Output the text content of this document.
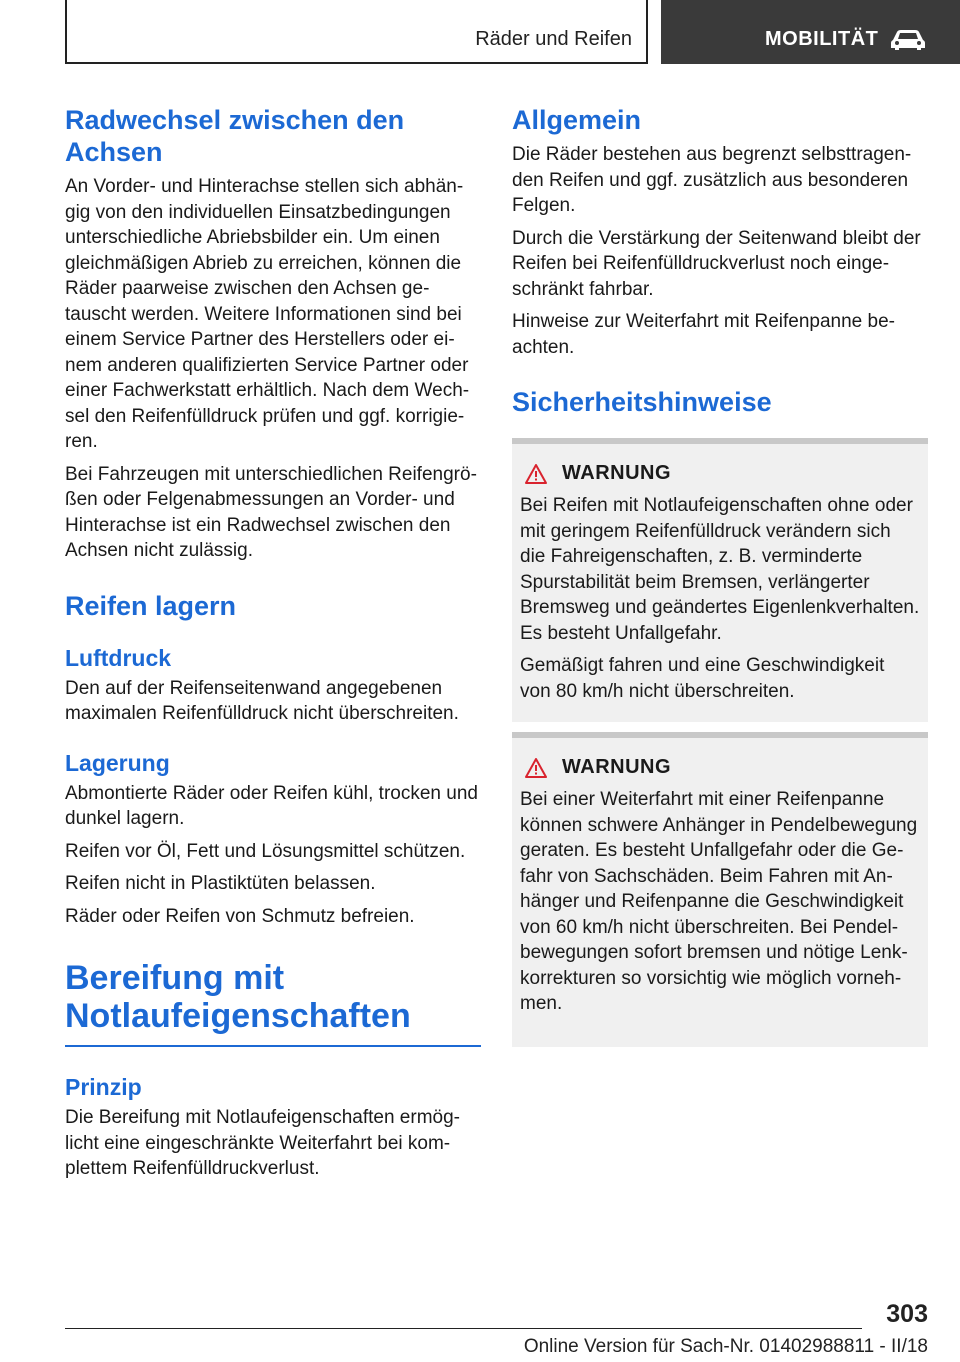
Räder und Reifen	MOBILITÄT
Radwechsel zwischen den Achsen

An Vorder- und Hinterachse stellen sich abhängig von den individuellen Einsatzbedingungen unterschiedliche Abriebsbilder ein. Um einen gleichmäßigen Abrieb zu erreichen, können die Räder paarweise zwischen den Achsen getauscht werden. Weitere Informationen sind bei einem Service Partner des Herstellers oder einem anderen qualifizierten Service Partner oder einer Fachwerkstatt erhältlich. Nach dem Wechsel den Reifenfülldruck prüfen und ggf. korrigieren.

Bei Fahrzeugen mit unterschiedlichen Reifengrößen oder Felgenabmessungen an Vorder- und Hinterachse ist ein Radwechsel zwischen den Achsen nicht zulässig.

Reifen lagern
Luftdruck

Den auf der Reifenseitenwand angegebenen maximalen Reifenfülldruck nicht überschreiten.

Lagerung

Abmontierte Räder oder Reifen kühl, trocken und dunkel lagern.

Reifen vor Öl, Fett und Lösungsmittel schützen.

Reifen nicht in Plastiktüten belassen.

Räder oder Reifen von Schmutz befreien.

Bereifung mit Notlaufeigenschaften
Prinzip

Die Bereifung mit Notlaufeigenschaften ermöglicht eine eingeschränkte Weiterfahrt bei komplettem Reifenfülldruckverlust.

Allgemein

Die Räder bestehen aus begrenzt selbsttragenden Reifen und ggf. zusätzlich aus besonderen Felgen.

Durch die Verstärkung der Seitenwand bleibt der Reifen bei Reifenfülldruckverlust noch eingeschränkt fahrbar.

Hinweise zur Weiterfahrt mit Reifenpanne beachten.

Sicherheitshinweise
WARNUNG

Bei Reifen mit Notlaufeigenschaften ohne oder mit geringem Reifenfülldruck verändern sich die Fahreigenschaften, z. B. verminderte Spurstabilität beim Bremsen, verlängerter Bremsweg und geändertes Eigenlenkverhalten. Es besteht Unfallgefahr.

Gemäßigt fahren und eine Geschwindigkeit von 80 km/h nicht überschreiten.

WARNUNG

Bei einer Weiterfahrt mit einer Reifenpanne können schwere Anhänger in Pendelbewegung geraten. Es besteht Unfallgefahr oder die Gefahr von Sachschäden. Beim Fahren mit Anhänger und Reifenpanne die Geschwindigkeit von 60 km/h nicht überschreiten. Bei Pendelbewegungen sofort bremsen und nötige Lenkkorrekturen so vorsichtig wie möglich vornehmen.

303
Online Version für Sach-Nr. 01402988811 - II/18
